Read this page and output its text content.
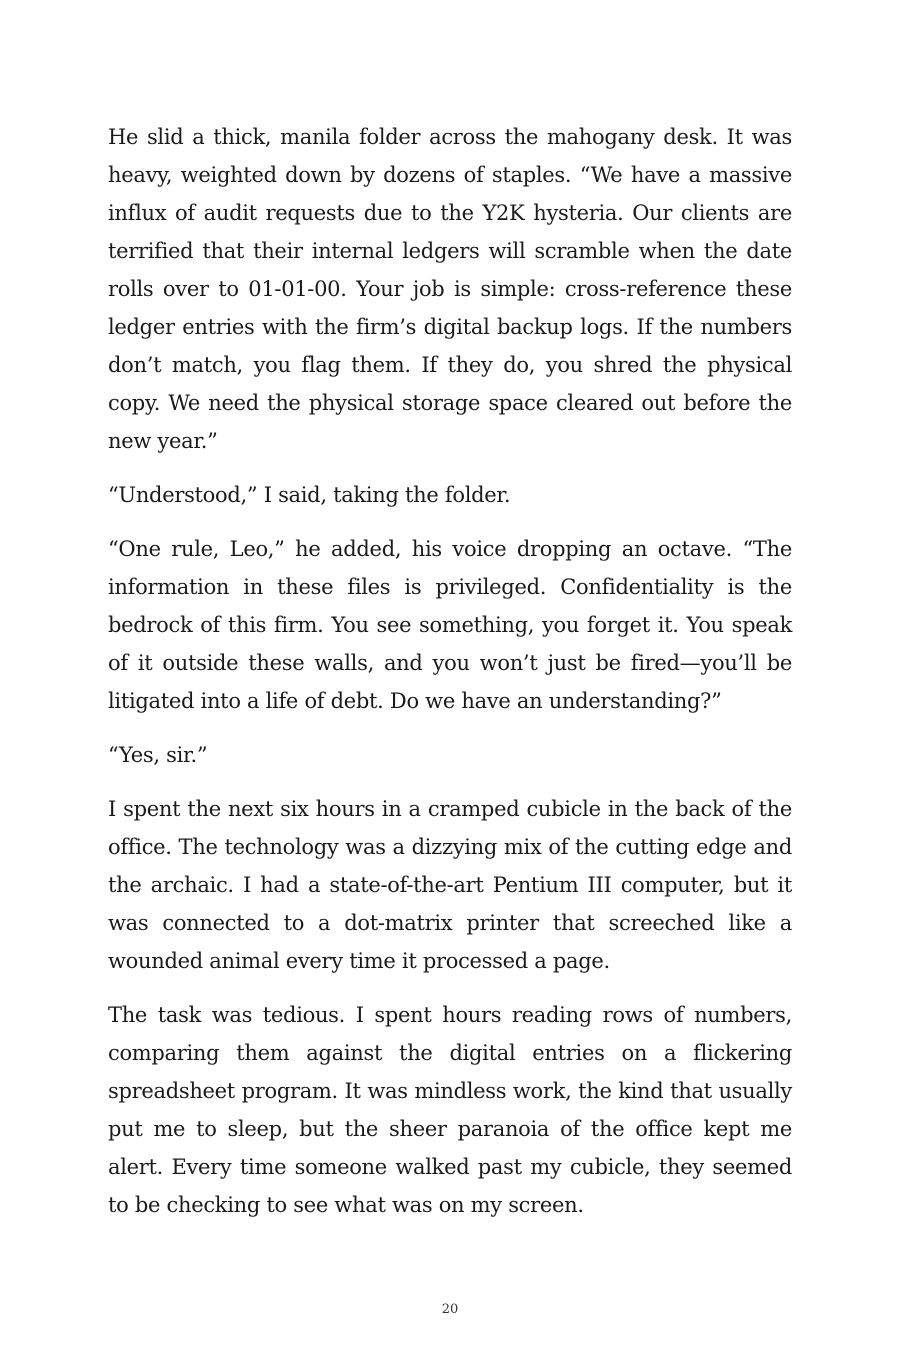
He slid a thick, manila folder across the mahogany desk. It was heavy, weighted down by dozens of staples. “We have a massive influx of audit requests due to the Y2K hysteria. Our clients are terrified that their internal ledgers will scramble when the date rolls over to 01-01-00. Your job is simple: cross-reference these ledger entries with the firm’s digital backup logs. If the numbers don’t match, you flag them. If they do, you shred the physical copy. We need the physical storage space cleared out before the new year.”

“Understood,” I said, taking the folder.

“One rule, Leo,” he added, his voice dropping an octave. “The information in these files is privileged. Confidentiality is the bedrock of this firm. You see something, you forget it. You speak of it outside these walls, and you won’t just be fired—you’ll be litigated into a life of debt. Do we have an understanding?”

“Yes, sir.”

I spent the next six hours in a cramped cubicle in the back of the office. The technology was a dizzying mix of the cutting edge and the archaic. I had a state-of-the-art Pentium III computer, but it was connected to a dot-matrix printer that screeched like a wounded animal every time it processed a page.

The task was tedious. I spent hours reading rows of numbers, comparing them against the digital entries on a flickering spreadsheet program. It was mindless work, the kind that usually put me to sleep, but the sheer paranoia of the office kept me alert. Every time someone walked past my cubicle, they seemed to be checking to see what was on my screen.

20
